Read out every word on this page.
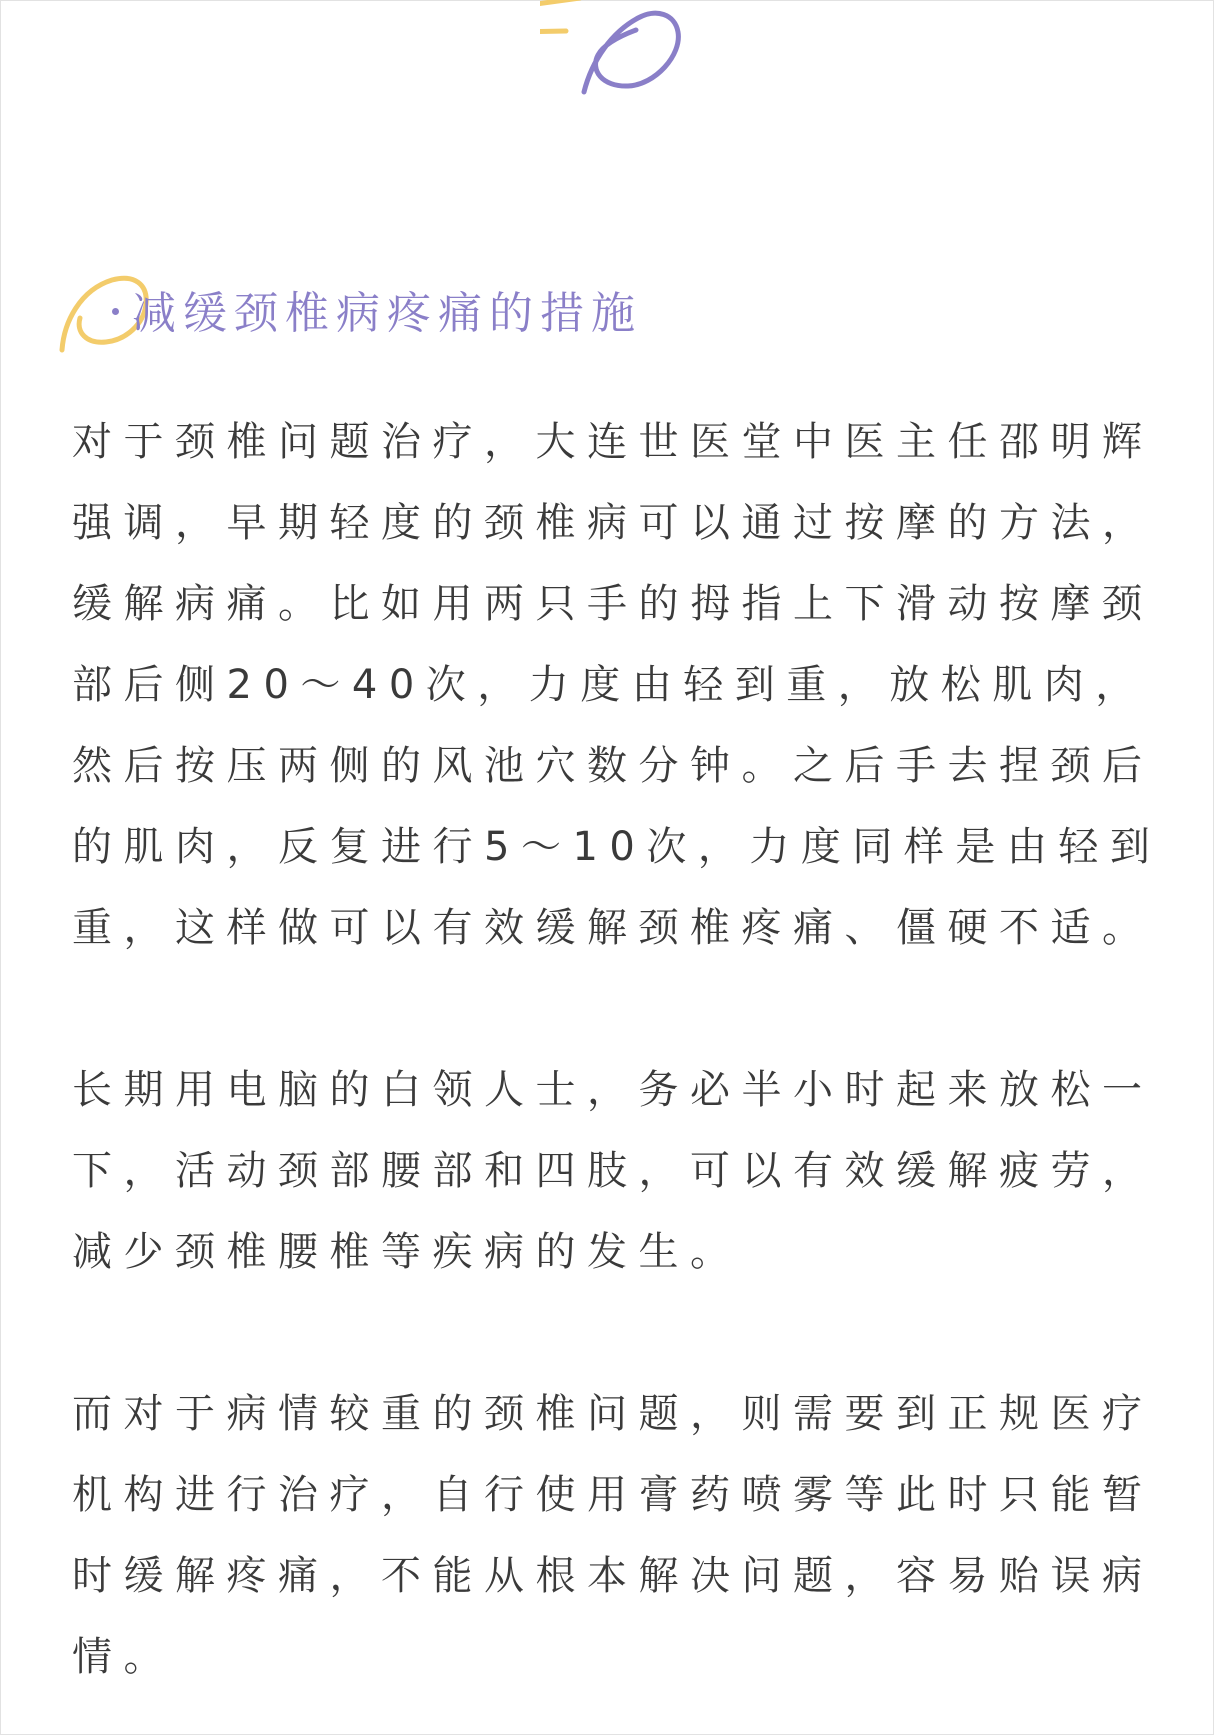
减缓颈椎病疼痛的措施
对于颈椎问题治疗，大连世医堂中医主任邵明辉
强调，早期轻度的颈椎病可以通过按摩的方法，
缓解病痛。比如用两只手的拇指上下滑动按摩颈
部后侧20～40次，力度由轻到重，放松肌肉，
然后按压两侧的风池穴数分钟。之后手去捏颈后
的肌肉，反复进行5～10次，力度同样是由轻到
重，这样做可以有效缓解颈椎疼痛、僵硬不适。
长期用电脑的白领人士，务必半小时起来放松一
下，活动颈部腰部和四肢，可以有效缓解疲劳，
减少颈椎腰椎等疾病的发生。
而对于病情较重的颈椎问题，则需要到正规医疗
机构进行治疗，自行使用膏药喷雾等此时只能暂
时缓解疼痛，不能从根本解决问题，容易贻误病
情。
